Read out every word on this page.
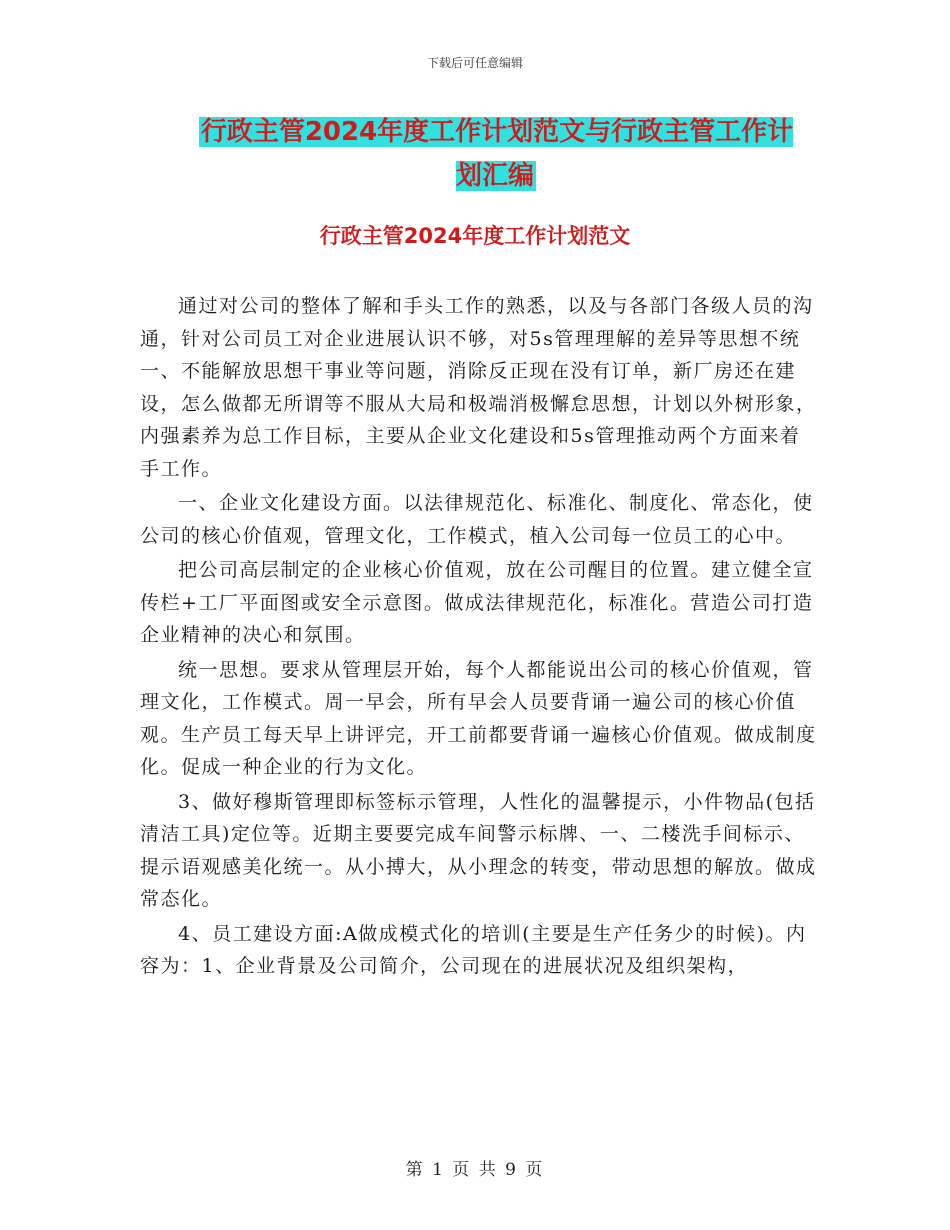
下载后可任意编辑
行政主管2024年度工作计划范文与行政主管工作计划汇编
行政主管2024年度工作计划范文

通过对公司的整体了解和手头工作的熟悉，以及与各部门各级人员的沟通，针对公司员工对企业进展认识不够，对5s管理理解的差异等思想不统一、不能解放思想干事业等问题，消除反正现在没有订单，新厂房还在建设，怎么做都无所谓等不服从大局和极端消极懈怠思想，计划以外树形象，内强素养为总工作目标，主要从企业文化建设和5s管理推动两个方面来着手工作。

一、企业文化建设方面。以法律规范化、标准化、制度化、常态化，使公司的核心价值观，管理文化，工作模式，植入公司每一位员工的心中。

把公司高层制定的企业核心价值观，放在公司醒目的位置。建立健全宣传栏+工厂平面图或安全示意图。做成法律规范化，标准化。营造公司打造企业精神的决心和氛围。

统一思想。要求从管理层开始，每个人都能说出公司的核心价值观，管理文化，工作模式。周一早会，所有早会人员要背诵一遍公司的核心价值观。生产员工每天早上讲评完，开工前都要背诵一遍核心价值观。做成制度化。促成一种企业的行为文化。

3、做好穆斯管理即标签标示管理，人性化的温馨提示，小件物品(包括清洁工具)定位等。近期主要要完成车间警示标牌、一、二楼洗手间标示、提示语观感美化统一。从小搏大，从小理念的转变，带动思想的解放。做成常态化。

4、员工建设方面:A做成模式化的培训(主要是生产任务少的时候)。内容为：1、企业背景及公司简介，公司现在的进展状况及组织架构，

第 1 页 共 9 页
